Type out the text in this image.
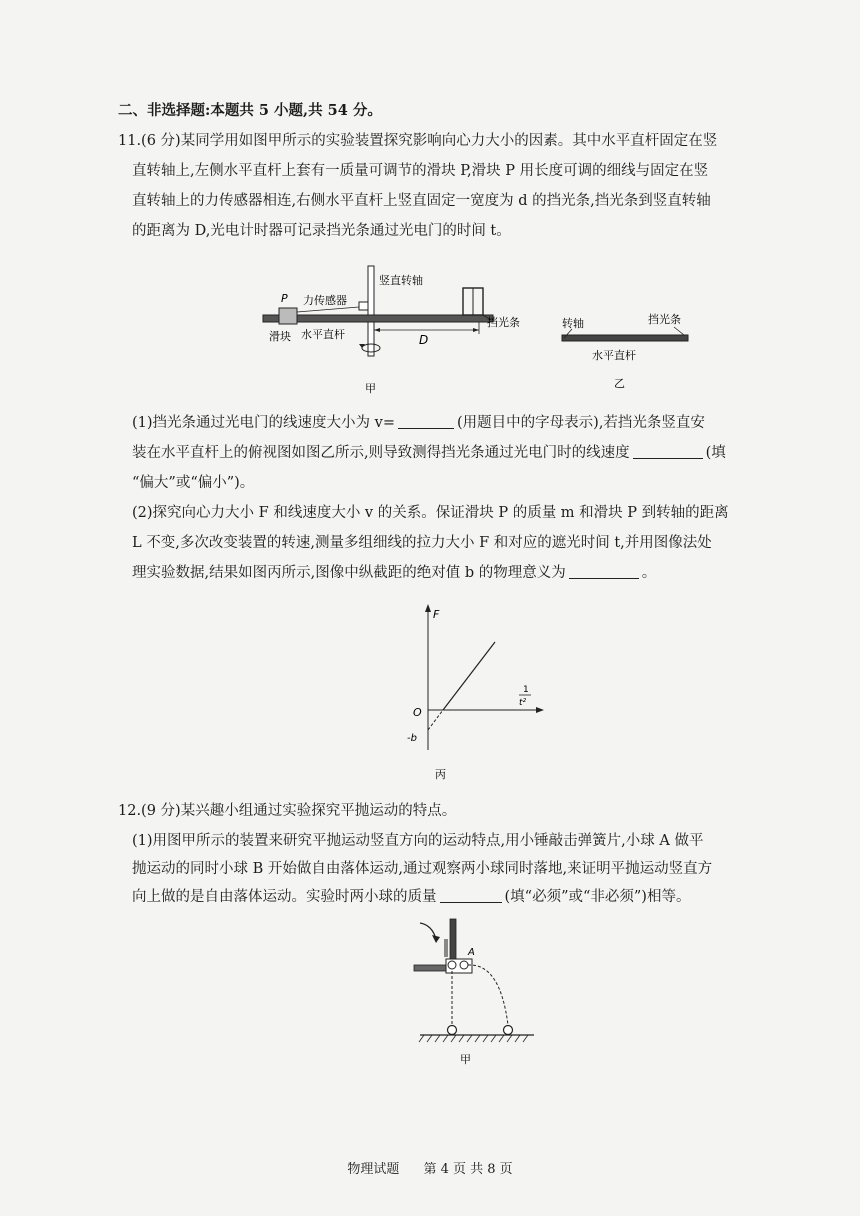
二、非选择题:本题共 5 小题,共 54 分。
11.(6 分)某同学用如图甲所示的实验装置探究影响向心力大小的因素。其中水平直杆固定在竖
直转轴上,左侧水平直杆上套有一质量可调节的滑块 P,滑块 P 用长度可调的细线与固定在竖
直转轴上的力传感器相连,右侧水平直杆上竖直固定一宽度为 d 的挡光条,挡光条到竖直转轴
的距离为 D,光电计时器可记录挡光条通过光电门的时间 t。
P 力传感器
竖直转轴
滑块 水平直杆	D
挡光条
甲
转轴	挡光条
水平直杆
乙
(1)挡光条通过光电门的线速度大小为 v=	(用题目中的字母表示),若挡光条竖直安
装在水平直杆上的俯视图如图乙所示,则导致测得挡光条通过光电门时的线速度	(填
“偏大”或“偏小”)。
(2)探究向心力大小 F 和线速度大小 v 的关系。保证滑块 P 的质量 m 和滑块 P 到转轴的距离
L 不变,多次改变装置的转速,测量多组细线的拉力大小 F 和对应的遮光时间 t,并用图像法处
理实验数据,结果如图丙所示,图像中纵截距的绝对值 b 的物理意义为	。
F
1
t²
O
-b
丙
12.(9 分)某兴趣小组通过实验探究平抛运动的特点。
(1)用图甲所示的装置来研究平抛运动竖直方向的运动特点,用小锤敲击弹簧片,小球 A 做平
抛运动的同时小球 B 开始做自由落体运动,通过观察两小球同时落地,来证明平抛运动竖直方
向上做的是自由落体运动。实验时两小球的质量	(填“必须”或“非必须”)相等。
A
甲
物理试题 第 4 页 共 8 页
